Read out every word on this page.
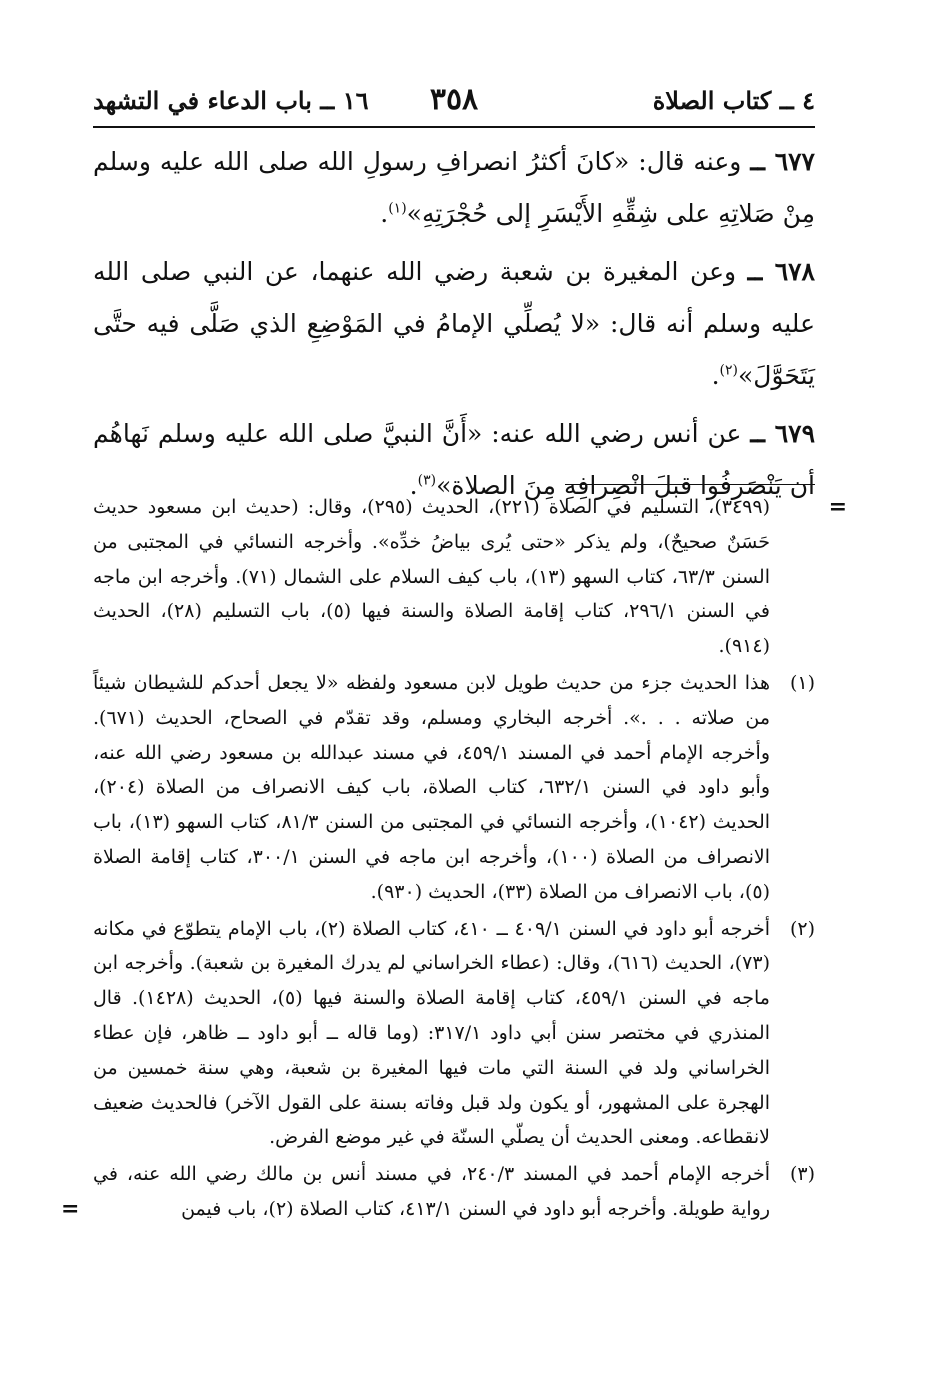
٤ ــ كتاب الصلاة
٣٥٨
١٦ ــ باب الدعاء في التشهد

٦٧٧ ــ وعنه قال: «كانَ أكثرُ انصرافِ رسولِ الله صلى الله عليه وسلم مِنْ صَلاتِهِ على شِقِّهِ الأَيْسَرِ إلى حُجْرَتِهِ»$^{(١)}$.

٦٧٨ ــ وعن المغيرة بن شعبة رضي الله عنهما، عن النبي صلى الله عليه وسلم أنه قال: «لا يُصلِّي الإمامُ في المَوْضِعِ الذي صَلَّى فيه حتَّى يَتَحَوَّلَ»$^{(٢)}$.

٦٧٩ ــ عن أنس رضي الله عنه: «أَنَّ النبيَّ صلى الله عليه وسلم نَهاهُم أن يَنْصَرِفُوا قبلَ انْصِرافِهِ مِنَ الصلاة»$^{(٣)}$.

=
(٣٤٩٩)، التسليم في الصلاة (٢٢١)، الحديث (٢٩٥)، وقال: (حديث ابن مسعود حديث حَسَنٌ صحيحٌ)، ولم يذكر «حتى يُرى بياضُ خدِّه». وأخرجه النسائي في المجتبى من السنن ٦٣/٣، كتاب السهو (١٣)، باب كيف السلام على الشمال (٧١). وأخرجه ابن ماجه في السنن ٢٩٦/١، كتاب إقامة الصلاة والسنة فيها (٥)، باب التسليم (٢٨)، الحديث (٩١٤).
(١)
هذا الحديث جزء من حديث طويل لابن مسعود ولفظه «لا يجعل أحدكم للشيطان شيئاً من صلاته . . .». أخرجه البخاري ومسلم، وقد تقدّم في الصحاح، الحديث (٦٧١). وأخرجه الإمام أحمد في المسند ٤٥٩/١، في مسند عبدالله بن مسعود رضي الله عنه، وأبو داود في السنن ٦٣٢/١، كتاب الصلاة، باب كيف الانصراف من الصلاة (٢٠٤)، الحديث (١٠٤٢)، وأخرجه النسائي في المجتبى من السنن ٨١/٣، كتاب السهو (١٣)، باب الانصراف من الصلاة (١٠٠)، وأخرجه ابن ماجه في السنن ٣٠٠/١، كتاب إقامة الصلاة (٥)، باب الانصراف من الصلاة (٣٣)، الحديث (٩٣٠).
(٢)
أخرجه أبو داود في السنن ٤٠٩/١ ــ ٤١٠، كتاب الصلاة (٢)، باب الإمام يتطوّع في مكانه (٧٣)، الحديث (٦١٦)، وقال: (عطاء الخراساني لم يدرك المغيرة بن شعبة). وأخرجه ابن ماجه في السنن ٤٥٩/١، كتاب إقامة الصلاة والسنة فيها (٥)، الحديث (١٤٢٨). قال المنذري في مختصر سنن أبي داود ٣١٧/١: (وما قاله ــ أبو داود ــ ظاهر، فإن عطاء الخراساني ولد في السنة التي مات فيها المغيرة بن شعبة، وهي سنة خمسين من الهجرة على المشهور، أو يكون ولد قبل وفاته بسنة على القول الآخر) فالحديث ضعيف لانقطاعه. ومعنى الحديث أن يصلّي السنّة في غير موضع الفرض.
(٣)
أخرجه الإمام أحمد في المسند ٢٤٠/٣، في مسند أنس بن مالك رضي الله عنه، في رواية طويلة. وأخرجه أبو داود في السنن ٤١٣/١، كتاب الصلاة (٢)، باب فيمن
=
